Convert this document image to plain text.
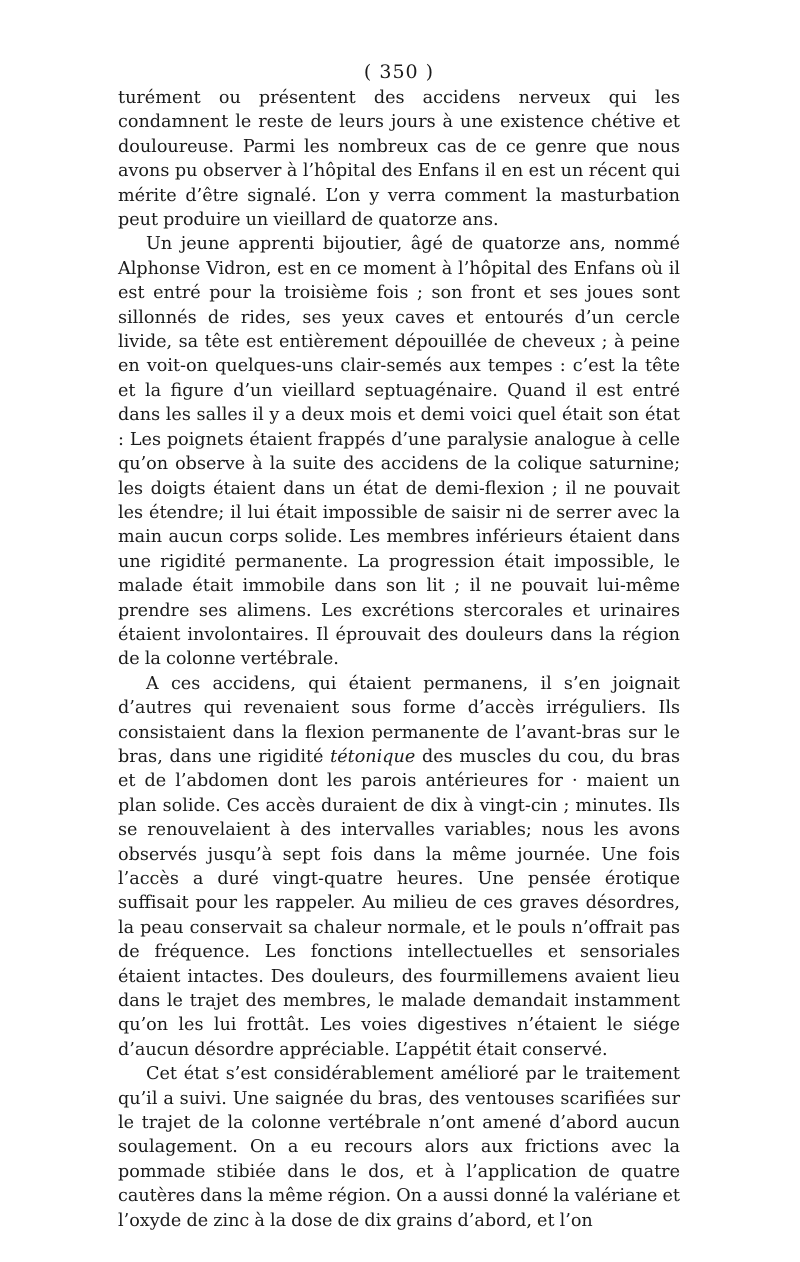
( 350 )

turément ou présentent des accidens nerveux qui les condamnent le reste de leurs jours à une existence chétive et douloureuse. Parmi les nombreux cas de ce genre que nous avons pu observer à l’hôpital des Enfans il en est un récent qui mérite d’être signalé. L’on y verra comment la masturbation peut produire un vieillard de quatorze ans.

Un jeune apprenti bijoutier, âgé de quatorze ans, nommé Alphonse Vidron, est en ce moment à l’hôpital des Enfans où il est entré pour la troisième fois ; son front et ses joues sont sillonnés de rides, ses yeux caves et entourés d’un cercle livide, sa tête est entièrement dépouillée de cheveux ; à peine en voit-on quelques-uns clair-semés aux tempes : c’est la tête et la figure d’un vieillard septuagénaire. Quand il est entré dans les salles il y a deux mois et demi voici quel était son état : Les poignets étaient frappés d’une paralysie analogue à celle qu’on observe à la suite des accidens de la colique saturnine; les doigts étaient dans un état de demi-flexion ; il ne pouvait les étendre; il lui était impossible de saisir ni de serrer avec la main aucun corps solide. Les membres inférieurs étaient dans une rigidité permanente. La progression était impossible, le malade était immobile dans son lit ; il ne pouvait lui-même prendre ses alimens. Les excrétions stercorales et urinaires étaient involontaires. Il éprouvait des douleurs dans la région de la colonne vertébrale.

A ces accidens, qui étaient permanens, il s’en joignait d’autres qui revenaient sous forme d’accès irréguliers. Ils consistaient dans la flexion permanente de l’avant-bras sur le bras, dans une rigidité tétonique des muscles du cou, du bras et de l’abdomen dont les parois antérieures for · maient un plan solide. Ces accès duraient de dix à vingt-cin ; minutes. Ils se renouvelaient à des intervalles variables; nous les avons observés jusqu’à sept fois dans la même journée. Une fois l’accès a duré vingt-quatre heures. Une pensée érotique suffisait pour les rappeler. Au milieu de ces graves désordres, la peau conservait sa chaleur normale, et le pouls n’offrait pas de fréquence. Les fonctions intellectuelles et sensoriales étaient intactes. Des douleurs, des fourmillemens avaient lieu dans le trajet des membres, le malade demandait instamment qu’on les lui frottât. Les voies digestives n’étaient le siége d’aucun désordre appréciable. L’appétit était conservé.

Cet état s’est considérablement amélioré par le traitement qu’il a suivi. Une saignée du bras, des ventouses scarifiées sur le trajet de la colonne vertébrale n’ont amené d’abord aucun soulagement. On a eu recours alors aux frictions avec la pommade stibiée dans le dos, et à l’application de quatre cautères dans la même région. On a aussi donné la valériane et l’oxyde de zinc à la dose de dix grains d’abord, et l’on
